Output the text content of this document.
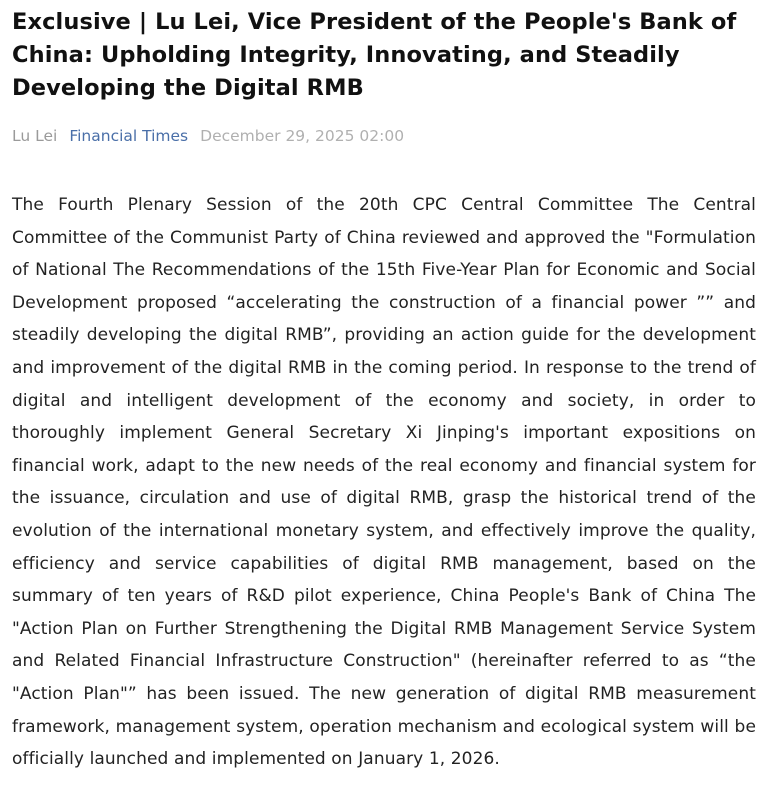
Exclusive | Lu Lei, Vice President of the People's Bank of China: Upholding Integrity, Innovating, and Steadily Developing the Digital RMB
Lu Lei Financial Times December 29, 2025 02:00

The Fourth Plenary Session of the 20th CPC Central Committee The Central Committee of the Communist Party of China reviewed and approved the "Formulation of National The Recommendations of the 15th Five-Year Plan for Economic and Social Development proposed “accelerating the construction of a financial power ”” and steadily developing the digital RMB”, providing an action guide for the development and improvement of the digital RMB in the coming period. In response to the trend of digital and intelligent development of the economy and society, in order to thoroughly implement General Secretary Xi Jinping's important expositions on financial work, adapt to the new needs of the real economy and financial system for the issuance, circulation and use of digital RMB, grasp the historical trend of the evolution of the international monetary system, and effectively improve the quality, efficiency and service capabilities of digital RMB management, based on the summary of ten years of R&D pilot experience, China People's Bank of China The "Action Plan on Further Strengthening the Digital RMB Management Service System and Related Financial Infrastructure Construction" (hereinafter referred to as “the "Action Plan"” has been issued. The new generation of digital RMB measurement framework, management system, operation mechanism and ecological system will be officially launched and implemented on January 1, 2026.
